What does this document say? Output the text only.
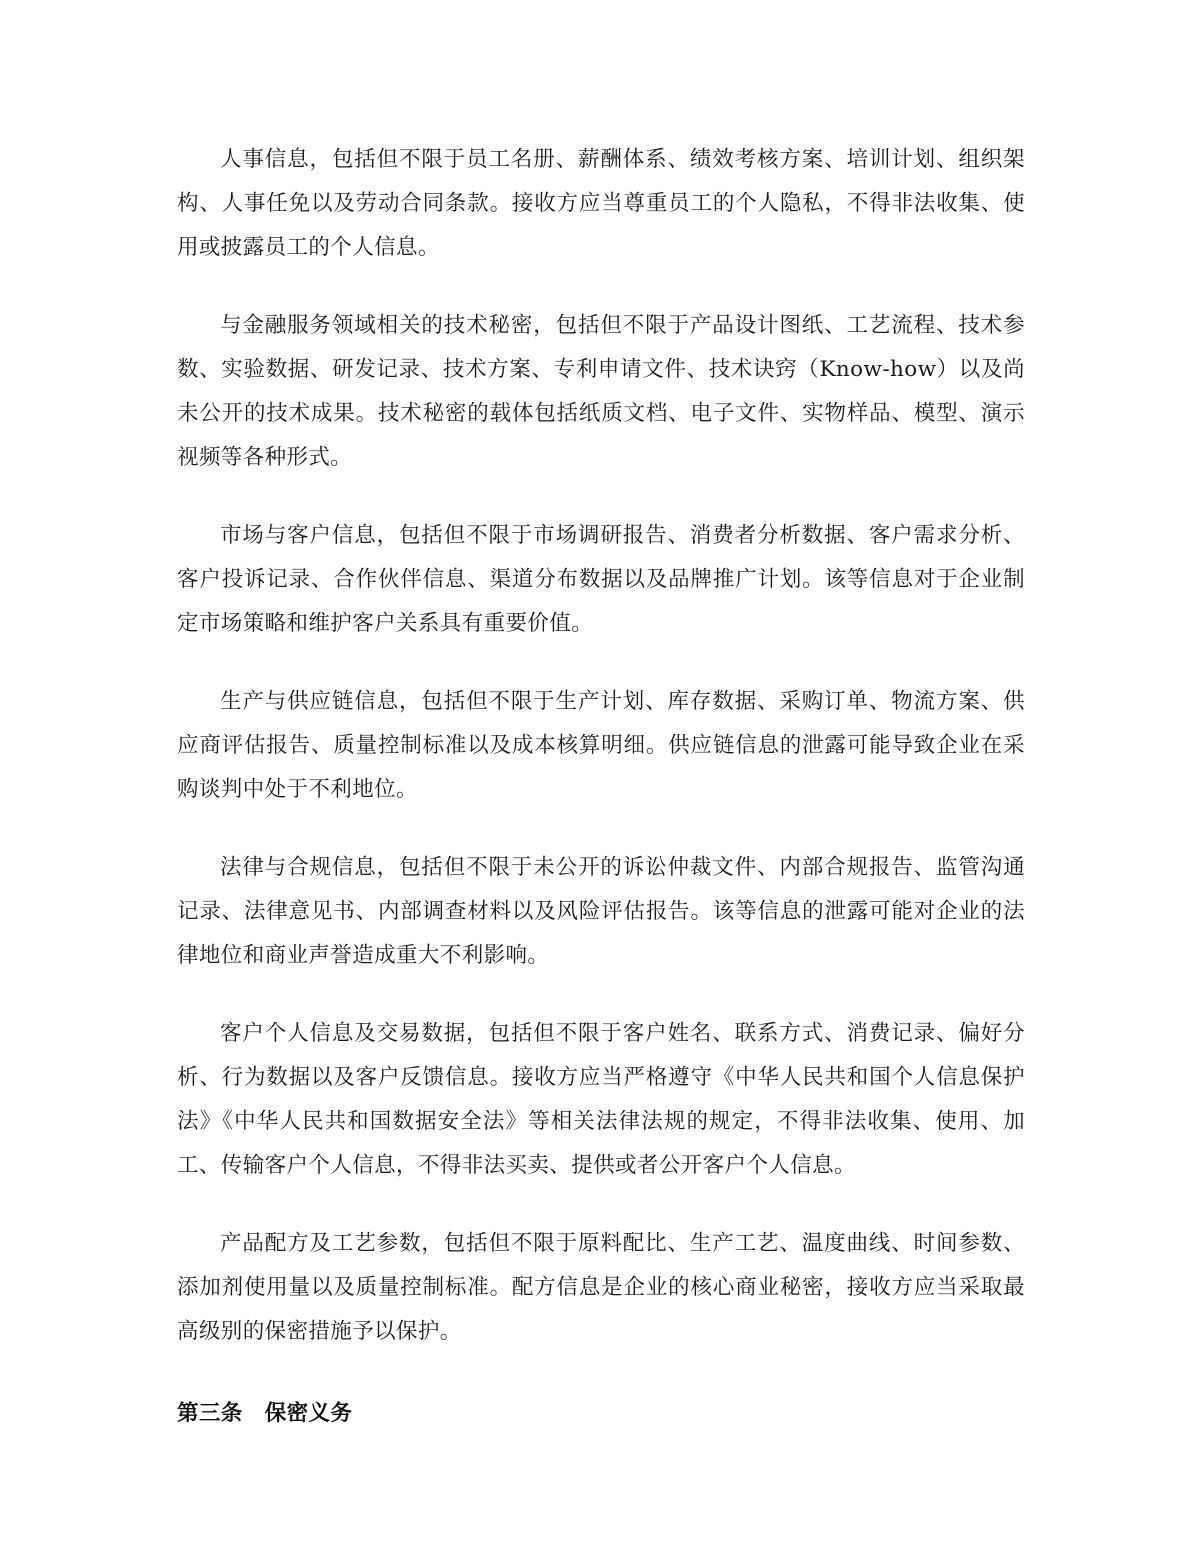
人事信息，包括但不限于员工名册、薪酬体系、绩效考核方案、培训计划、组织架构、人事任免以及劳动合同条款。接收方应当尊重员工的个人隐私，不得非法收集、使用或披露员工的个人信息。

与金融服务领域相关的技术秘密，包括但不限于产品设计图纸、工艺流程、技术参数、实验数据、研发记录、技术方案、专利申请文件、技术诀窍（Know-how）以及尚未公开的技术成果。技术秘密的载体包括纸质文档、电子文件、实物样品、模型、演示视频等各种形式。

市场与客户信息，包括但不限于市场调研报告、消费者分析数据、客户需求分析、客户投诉记录、合作伙伴信息、渠道分布数据以及品牌推广计划。该等信息对于企业制定市场策略和维护客户关系具有重要价值。

生产与供应链信息，包括但不限于生产计划、库存数据、采购订单、物流方案、供应商评估报告、质量控制标准以及成本核算明细。供应链信息的泄露可能导致企业在采购谈判中处于不利地位。

法律与合规信息，包括但不限于未公开的诉讼仲裁文件、内部合规报告、监管沟通记录、法律意见书、内部调查材料以及风险评估报告。该等信息的泄露可能对企业的法律地位和商业声誉造成重大不利影响。

客户个人信息及交易数据，包括但不限于客户姓名、联系方式、消费记录、偏好分析、行为数据以及客户反馈信息。接收方应当严格遵守《中华人民共和国个人信息保护法》《中华人民共和国数据安全法》等相关法律法规的规定，不得非法收集、使用、加工、传输客户个人信息，不得非法买卖、提供或者公开客户个人信息。

产品配方及工艺参数，包括但不限于原料配比、生产工艺、温度曲线、时间参数、添加剂使用量以及质量控制标准。配方信息是企业的核心商业秘密，接收方应当采取最高级别的保密措施予以保护。

第三条 保密义务
